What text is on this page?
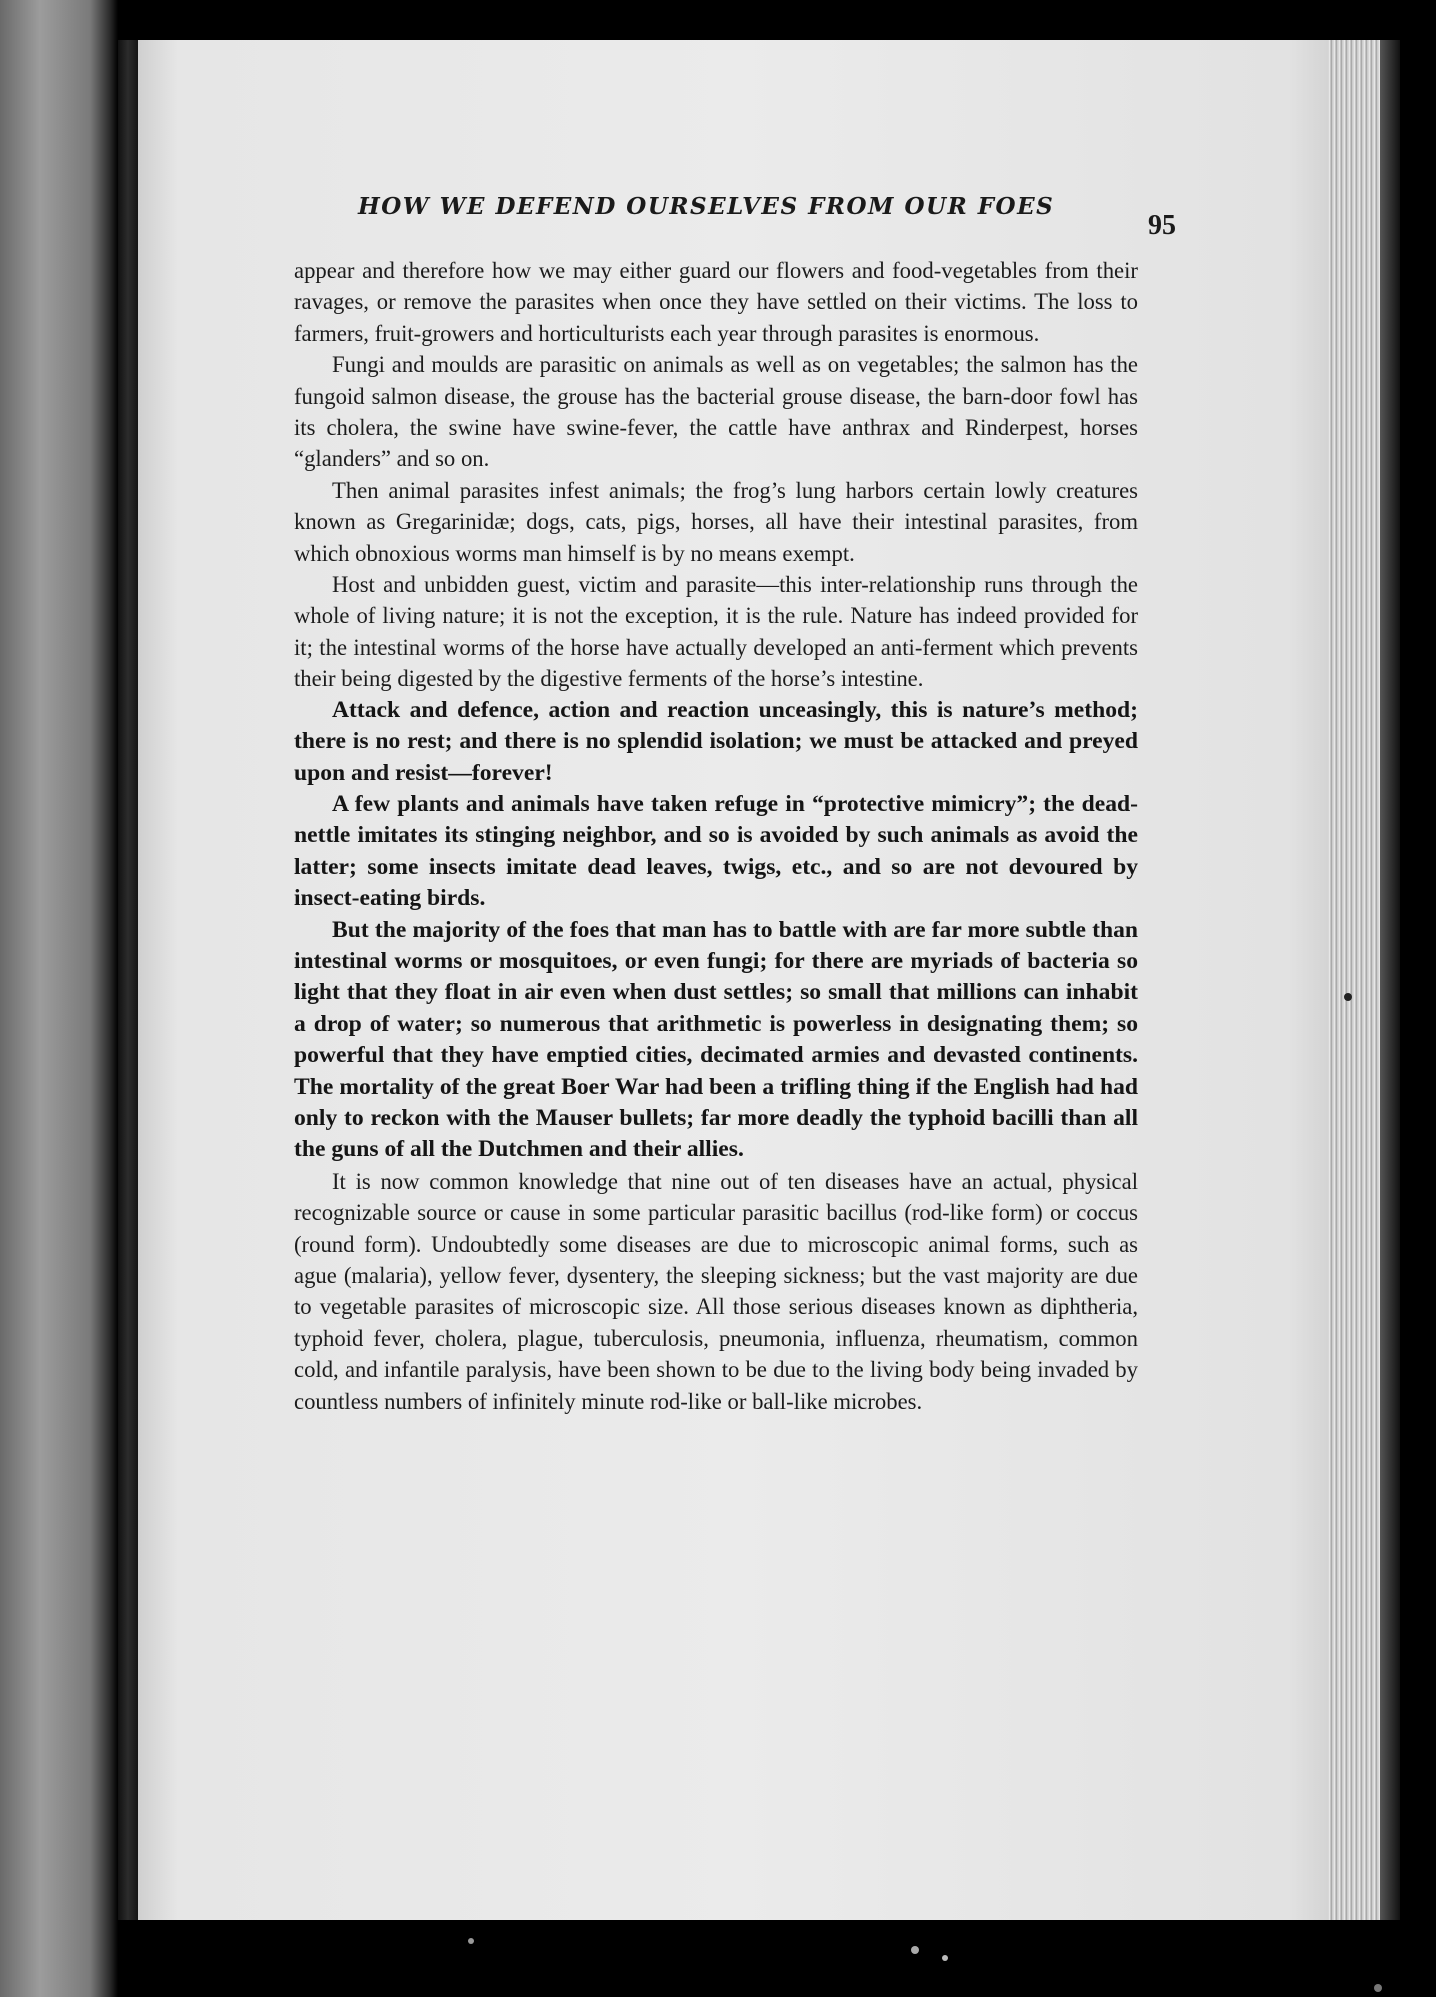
HOW WE DEFEND OURSELVES FROM OUR FOES

95

appear and therefore how we may either guard our flowers and food-vegetables from their ravages, or remove the parasites when once they have settled on their victims. The loss to farmers, fruit-growers and horticulturists each year through parasites is enormous.

Fungi and moulds are parasitic on animals as well as on vegetables; the salmon has the fungoid salmon disease, the grouse has the bacterial grouse disease, the barn-door fowl has its cholera, the swine have swine-fever, the cattle have anthrax and Rinderpest, horses “glanders” and so on.

Then animal parasites infest animals; the frog’s lung harbors certain lowly creatures known as Gregarinidæ; dogs, cats, pigs, horses, all have their intestinal parasites, from which obnoxious worms man himself is by no means exempt.

Host and unbidden guest, victim and parasite—this inter-relationship runs through the whole of living nature; it is not the exception, it is the rule. Nature has indeed provided for it; the intestinal worms of the horse have actually developed an anti-ferment which prevents their being digested by the digestive ferments of the horse’s intestine.

Attack and defence, action and reaction unceasingly, this is nature’s method; there is no rest; and there is no splendid isolation; we must be attacked and preyed upon and resist—forever!

A few plants and animals have taken refuge in “protective mimicry”; the dead-nettle imitates its stinging neighbor, and so is avoided by such animals as avoid the latter; some insects imitate dead leaves, twigs, etc., and so are not devoured by insect-eating birds.

But the majority of the foes that man has to battle with are far more subtle than intestinal worms or mosquitoes, or even fungi; for there are myriads of bacteria so light that they float in air even when dust settles; so small that millions can inhabit a drop of water; so numerous that arithmetic is powerless in designating them; so powerful that they have emptied cities, decimated armies and devasted continents. The mortality of the great Boer War had been a trifling thing if the English had had only to reckon with the Mauser bullets; far more deadly the typhoid bacilli than all the guns of all the Dutchmen and their allies.

It is now common knowledge that nine out of ten diseases have an actual, physical recognizable source or cause in some particular parasitic bacillus (rod-like form) or coccus (round form). Undoubtedly some diseases are due to microscopic animal forms, such as ague (malaria), yellow fever, dysentery, the sleeping sickness; but the vast majority are due to vegetable parasites of microscopic size. All those serious diseases known as diphtheria, typhoid fever, cholera, plague, tuberculosis, pneumonia, influenza, rheumatism, common cold, and infantile paralysis, have been shown to be due to the living body being invaded by countless numbers of infinitely minute rod-like or ball-like microbes.
